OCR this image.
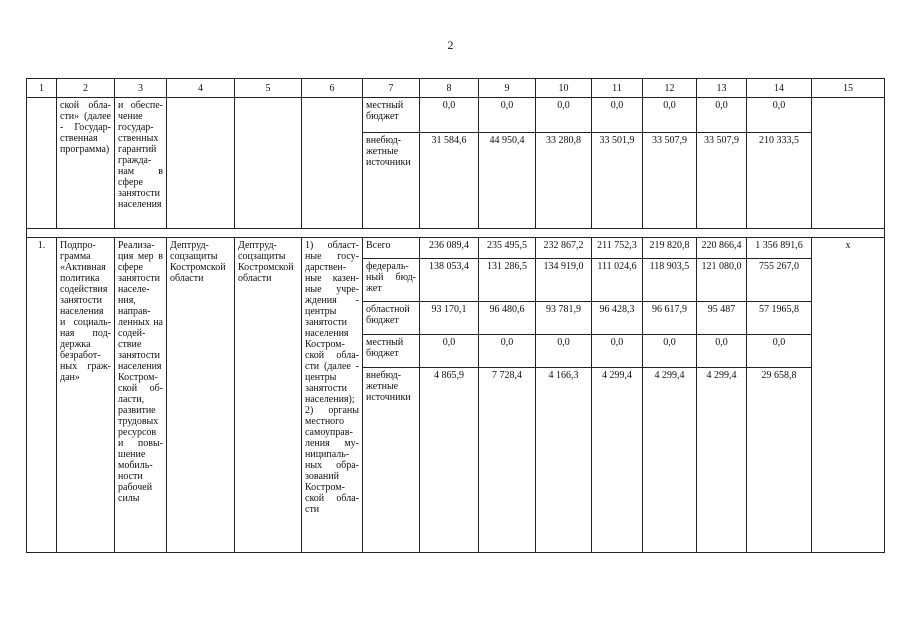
2
1	2	3	4	5	6	7	8	9	10	11	12	13	14	15
	ской обла-сти» (далее - Государ-ственная программа)	и обеспе-чение государ-ственных гарантий гражда-нам в сфере занятости населения				местный бюджет	0,0	0,0	0,0	0,0	0,0	0,0	0,0	
						внебюд-жетные источники	31 584,6	44 950,4	33 280,8	33 501,9	33 507,9	33 507,9	210 333,5	

1.	Подпро-грамма «Активная политика содействия занятости населения и социаль-ная под-держка безработ-ных граж-дан»	Реализа-ция мер в сфере занятости населе-ния, направ-ленных на содей-ствие занятости населения Костром-ской об-ласти, развитие трудовых ресурсов и повы-шение мобиль-ности рабочей силы	Дептруд-соцзащиты Костромской области	Дептруд-соцзащиты Костромской области	1) област-ные госу-дарствен-ные казен-ные учре-ждения - центры занятости населения Костром-ской обла-сти (далее - центры занятости населения); 2) органы местного самоуправ-ления му-ниципаль-ных обра-зований Костром-ской обла-сти	Всего	236 089,4	235 495,5	232 867,2	211 752,3	219 820,8	220 866,4	1 356 891,6	х
						федераль-ный бюд-жет	138 053,4	131 286,5	134 919,0	111 024,6	118 903,5	121 080,0	755 267,0	
						областной бюджет	93 170,1	96 480,6	93 781,9	96 428,3	96 617,9	95 487	57 1965,8	
						местный бюджет	0,0	0,0	0,0	0,0	0,0	0,0	0,0	
						внебюд-жетные источники	4 865,9	7 728,4	4 166,3	4 299,4	4 299,4	4 299,4	29 658,8	
